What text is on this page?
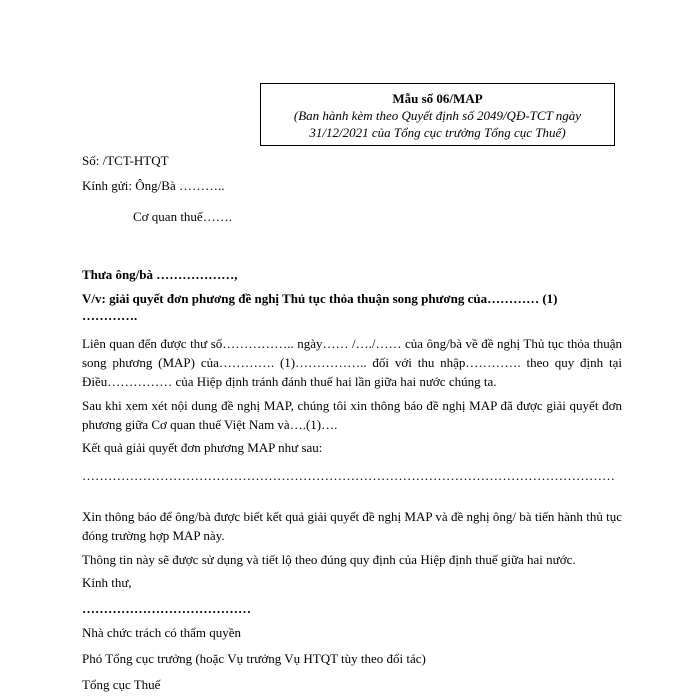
Mẫu số 06/MAP
(Ban hành kèm theo Quyết định số 2049/QĐ-TCT ngày
31/12/2021 của Tổng cục trưởng Tổng cục Thuế)
Số: /TCT-HTQT
Kính gửi: Ông/Bà ………..
Cơ quan thuế…….
Thưa ông/bà ………………,
V/v: giải quyết đơn phương đề nghị Thủ tục thỏa thuận song phương của………… (1)
………….
Liên quan đến được thư số…………….. ngày…… /…./…… của ông/bà về đề nghị Thủ tục thỏa thuận song phương (MAP) của…………. (1)…………….. đối với thu nhập…………. theo quy định tại Điều…………… của Hiệp định tránh đánh thuế hai lần giữa hai nước chúng ta.
Sau khi xem xét nội dung đề nghị MAP, chúng tôi xin thông báo đề nghị MAP đã được giải quyết đơn phương giữa Cơ quan thuế Việt Nam và….(1)….
Kết quả giải quyết đơn phương MAP như sau:
……………………………………………………………………………………………………………
Xin thông báo để ông/bà được biết kết quả giải quyết đề nghị MAP và đề nghị ông/ bà tiến hành thủ tục đóng trường hợp MAP này.
Thông tin này sẽ được sử dụng và tiết lộ theo đúng quy định của Hiệp định thuế giữa hai nước.
Kính thư,
…………………………………
Nhà chức trách có thẩm quyền
Phó Tổng cục trưởng (hoặc Vụ trưởng Vụ HTQT tùy theo đối tác)
Tổng cục Thuế
